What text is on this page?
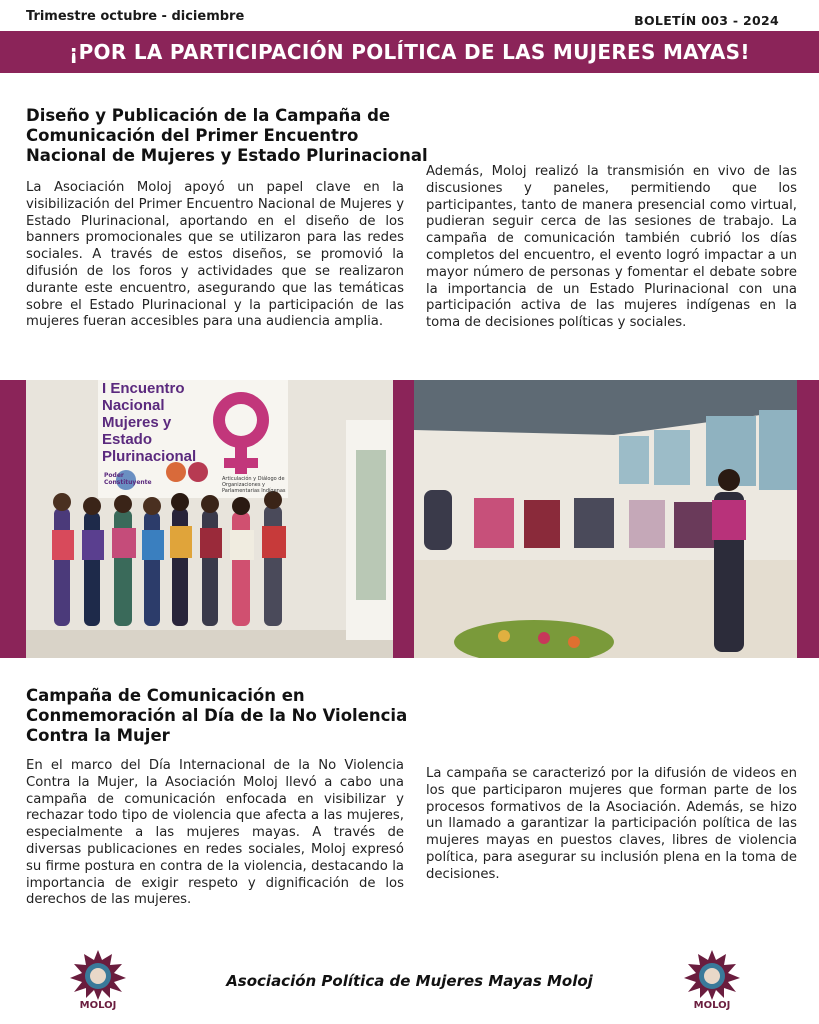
Trimestre octubre - diciembre	BOLETÍN 003 - 2024
¡POR LA PARTICIPACIÓN POLÍTICA DE LAS MUJERES MAYAS!
Diseño y Publicación de la Campaña de
Comunicación del Primer Encuentro
Nacional de Mujeres y Estado Plurinacional

La Asociación Moloj apoyó un papel clave en la visibilización del Primer Encuentro Nacional de Mujeres y Estado Plurinacional, aportando en el diseño de los banners promocionales que se utilizaron para las redes sociales. A través de estos diseños, se promovió la difusión de los foros y actividades que se realizaron durante este encuentro, asegurando que las temáticas sobre el Estado Plurinacional y la participación de las mujeres fueran accesibles para una audiencia amplia.

Además, Moloj realizó la transmisión en vivo de las discusiones y paneles, permitiendo que los participantes, tanto de manera presencial como virtual, pudieran seguir cerca de las sesiones de trabajo. La campaña de comunicación también cubrió los días completos del encuentro, el evento logró impactar a un mayor número de personas y fomentar el debate sobre la importancia de un Estado Plurinacional con una participación activa de las mujeres indígenas en la toma de decisiones políticas y sociales.

I Encuentro
Nacional
Mujeres y
Estado
Plurinacional
Poder Constituyente	Articulación y Diálogo de Organizaciones y Parlamentarias Indígenas
Campaña de Comunicación en
Conmemoración al Día de la No Violencia
Contra la Mujer

En el marco del Día Internacional de la No Violencia Contra la Mujer, la Asociación Moloj llevó a cabo una campaña de comunicación enfocada en visibilizar y rechazar todo tipo de violencia que afecta a las mujeres, especialmente a las mujeres mayas. A través de diversas publicaciones en redes sociales, Moloj expresó su firme postura en contra de la violencia, destacando la importancia de exigir respeto y dignificación de los derechos de las mujeres.

La campaña se caracterizó por la difusión de videos en los que participaron mujeres que forman parte de los procesos formativos de la Asociación. Además, se hizo un llamado a garantizar la participación política de las mujeres mayas en puestos claves, libres de violencia política, para asegurar su inclusión plena en la toma de decisiones.

MOLOJ
Asociación Política de Mujeres Mayas Moloj
MOLOJ
